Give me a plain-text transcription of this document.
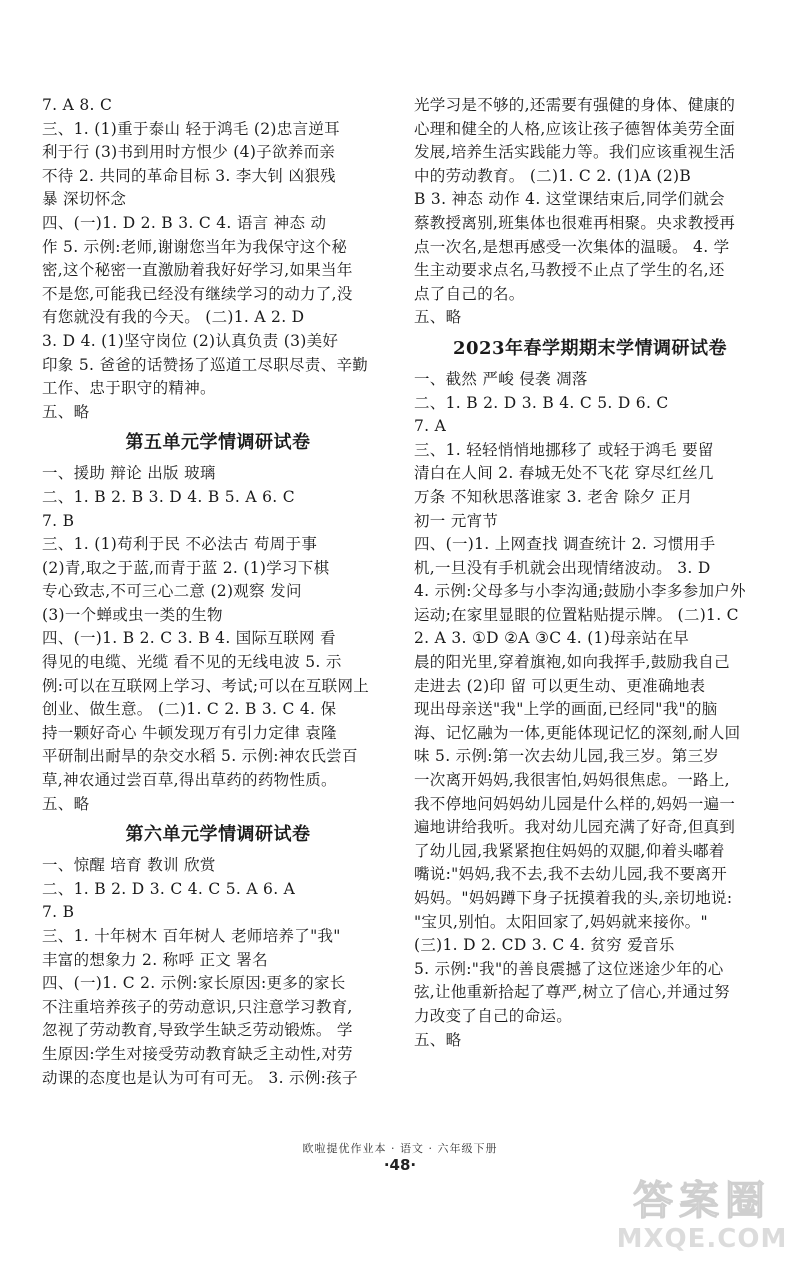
7. A 8. C
三、1. (1)重于泰山 轻于鸿毛 (2)忠言逆耳
利于行 (3)书到用时方恨少 (4)子欲养而亲
不待 2. 共同的革命目标 3. 李大钊 凶狠残
暴 深切怀念
四、(一)1. D 2. B 3. C 4. 语言 神态 动
作 5. 示例:老师,谢谢您当年为我保守这个秘
密,这个秘密一直激励着我好好学习,如果当年
不是您,可能我已经没有继续学习的动力了,没
有您就没有我的今天。 (二)1. A 2. D
3. D 4. (1)坚守岗位 (2)认真负责 (3)美好
印象 5. 爸爸的话赞扬了巡道工尽职尽责、辛勤
工作、忠于职守的精神。
五、略
第五单元学情调研试卷
一、援助 辩论 出版 玻璃
二、1. B 2. B 3. D 4. B 5. A 6. C
7. B
三、1. (1)苟利于民 不必法古 苟周于事
(2)青,取之于蓝,而青于蓝 2. (1)学习下棋
专心致志,不可三心二意 (2)观察 发问
(3)一个蝉或虫一类的生物
四、(一)1. B 2. C 3. B 4. 国际互联网 看
得见的电缆、光缆 看不见的无线电波 5. 示
例:可以在互联网上学习、考试;可以在互联网上
创业、做生意。 (二)1. C 2. B 3. C 4. 保
持一颗好奇心 牛顿发现万有引力定律 袁隆
平研制出耐旱的杂交水稻 5. 示例:神农氏尝百
草,神农通过尝百草,得出草药的药物性质。
五、略
第六单元学情调研试卷
一、惊醒 培育 教训 欣赏
二、1. B 2. D 3. C 4. C 5. A 6. A
7. B
三、1. 十年树木 百年树人 老师培养了"我"
丰富的想象力 2. 称呼 正文 署名
四、(一)1. C 2. 示例:家长原因:更多的家长
不注重培养孩子的劳动意识,只注意学习教育,
忽视了劳动教育,导致学生缺乏劳动锻炼。 学
生原因:学生对接受劳动教育缺乏主动性,对劳
动课的态度也是认为可有可无。 3. 示例:孩子
光学习是不够的,还需要有强健的身体、健康的
心理和健全的人格,应该让孩子德智体美劳全面
发展,培养生活实践能力等。我们应该重视生活
中的劳动教育。 (二)1. C 2. (1)A (2)B
B 3. 神态 动作 4. 这堂课结束后,同学们就会
蔡教授离别,班集体也很难再相聚。央求教授再
点一次名,是想再感受一次集体的温暖。 4. 学
生主动要求点名,马教授不止点了学生的名,还
点了自己的名。
五、略
2023年春学期期末学情调研试卷
一、截然 严峻 侵袭 凋落
二、1. B 2. D 3. B 4. C 5. D 6. C
7. A
三、1. 轻轻悄悄地挪移了 或轻于鸿毛 要留
清白在人间 2. 春城无处不飞花 穿尽红丝几
万条 不知秋思落谁家 3. 老舍 除夕 正月
初一 元宵节
四、(一)1. 上网查找 调查统计 2. 习惯用手
机,一旦没有手机就会出现情绪波动。 3. D
4. 示例:父母多与小李沟通;鼓励小李多参加户外
运动;在家里显眼的位置粘贴提示牌。 (二)1. C
2. A 3. ①D ②A ③C 4. (1)母亲站在早
晨的阳光里,穿着旗袍,如向我挥手,鼓励我自己
走进去 (2)印 留 可以更生动、更准确地表
现出母亲送"我"上学的画面,已经同"我"的脑
海、记忆融为一体,更能体现记忆的深刻,耐人回
味 5. 示例:第一次去幼儿园,我三岁。第三岁
一次离开妈妈,我很害怕,妈妈很焦虑。一路上,
我不停地问妈妈幼儿园是什么样的,妈妈一遍一
遍地讲给我听。我对幼儿园充满了好奇,但真到
了幼儿园,我紧紧抱住妈妈的双腿,仰着头嘟着
嘴说:"妈妈,我不去,我不去幼儿园,我不要离开
妈妈。"妈妈蹲下身子抚摸着我的头,亲切地说:
"宝贝,别怕。太阳回家了,妈妈就来接你。"
(三)1. D 2. CD 3. C 4. 贫穷 爱音乐
5. 示例:"我"的善良震撼了这位迷途少年的心
弦,让他重新拾起了尊严,树立了信心,并通过努
力改变了自己的命运。
五、略
欧啦提优作业本 · 语文 · 六年级下册
·48·
答案圈
MXQE.COM
